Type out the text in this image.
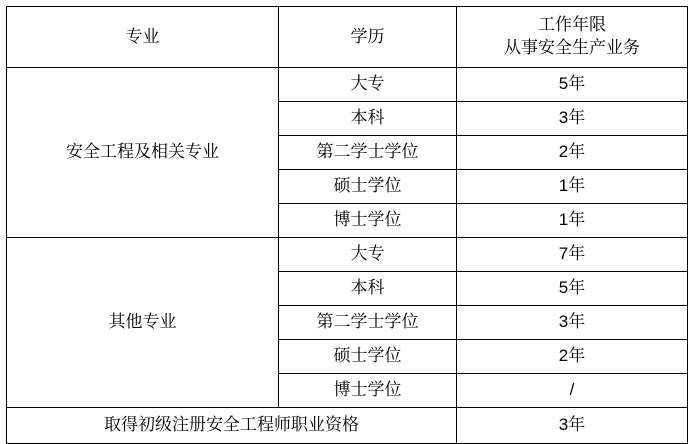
专业	学历	工作年限
从事安全生产业务

安全工程及相关专业	大专	5年
	本科	3年
	第二学士学位	2年
	硕士学位	1年
	博士学位	1年
其他专业	大专	7年
	本科	5年
	第二学士学位	3年
	硕士学位	2年
	博士学位	/
取得初级注册安全工程师职业资格		3年
